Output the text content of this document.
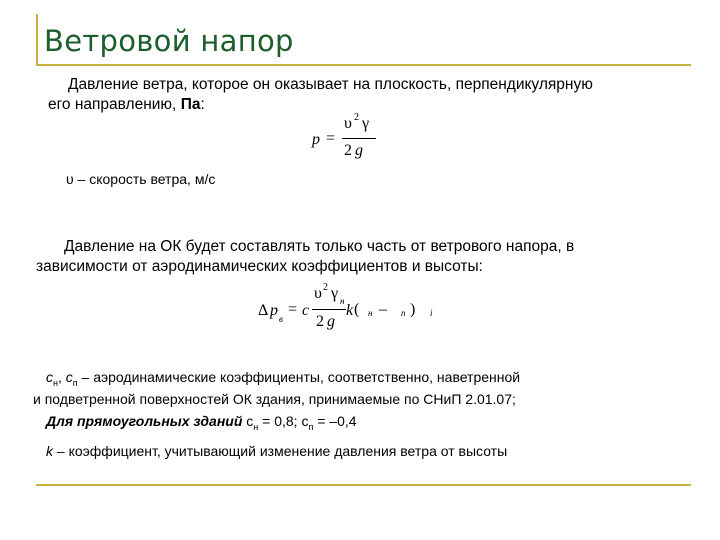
Ветровой напор
Давление ветра, которое он оказывает на плоскость, перпендикулярную
его направлению, Па:
p =
υ 2 γ
2 g
υ – скорость ветра, м/с
Давление на ОК будет составлять только часть от ветрового напора, в
зависимости от аэродинамических коэффициентов и высоты:
Δ p в
= c
υ 2 γ н
k ( н – п ) i
2 g
$c_н$, $c_п$ – аэродинамические коэффициенты, соответственно, наветренной
и подветренной поверхностей ОК здания, принимаемые по СНиП 2.01.07;
Для прямоугольных зданий $c_н = 0,8$; $c_п = -0,4$
k – коэффициент, учитывающий изменение давления ветра от высоты
